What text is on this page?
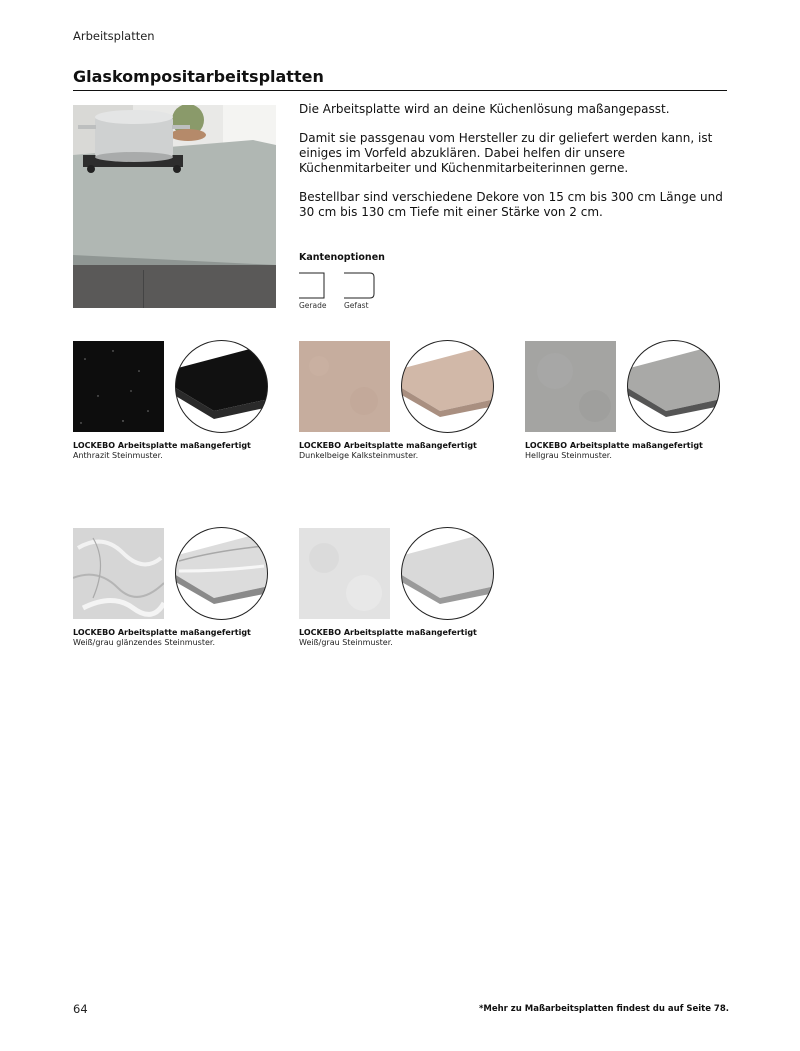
Arbeitsplatten
Glaskompositarbeitsplatten

Die Arbeitsplatte wird an deine Küchenlösung maßangepasst.

Damit sie passgenau vom Hersteller zu dir geliefert werden kann, ist einiges im Vorfeld abzuklären. Dabei helfen dir unsere Küchenmitarbeiter und Küchenmitarbeiterinnen gerne.

Bestellbar sind verschiedene Dekore von 15 cm bis 300 cm Länge und 30 cm bis 130 cm Tiefe mit einer Stärke von 2 cm.

Kantenoptionen
Gerade Gefast
LOCKEBO Arbeitsplatte maßangefertigt
Anthrazit Steinmuster.
LOCKEBO Arbeitsplatte maßangefertigt
Dunkelbeige Kalksteinmuster.
LOCKEBO Arbeitsplatte maßangefertigt
Hellgrau Steinmuster.
LOCKEBO Arbeitsplatte maßangefertigt
Weiß/grau glänzendes Steinmuster.
LOCKEBO Arbeitsplatte maßangefertigt
Weiß/grau Steinmuster.
64	*Mehr zu Maßarbeitsplatten findest du auf Seite 78.
